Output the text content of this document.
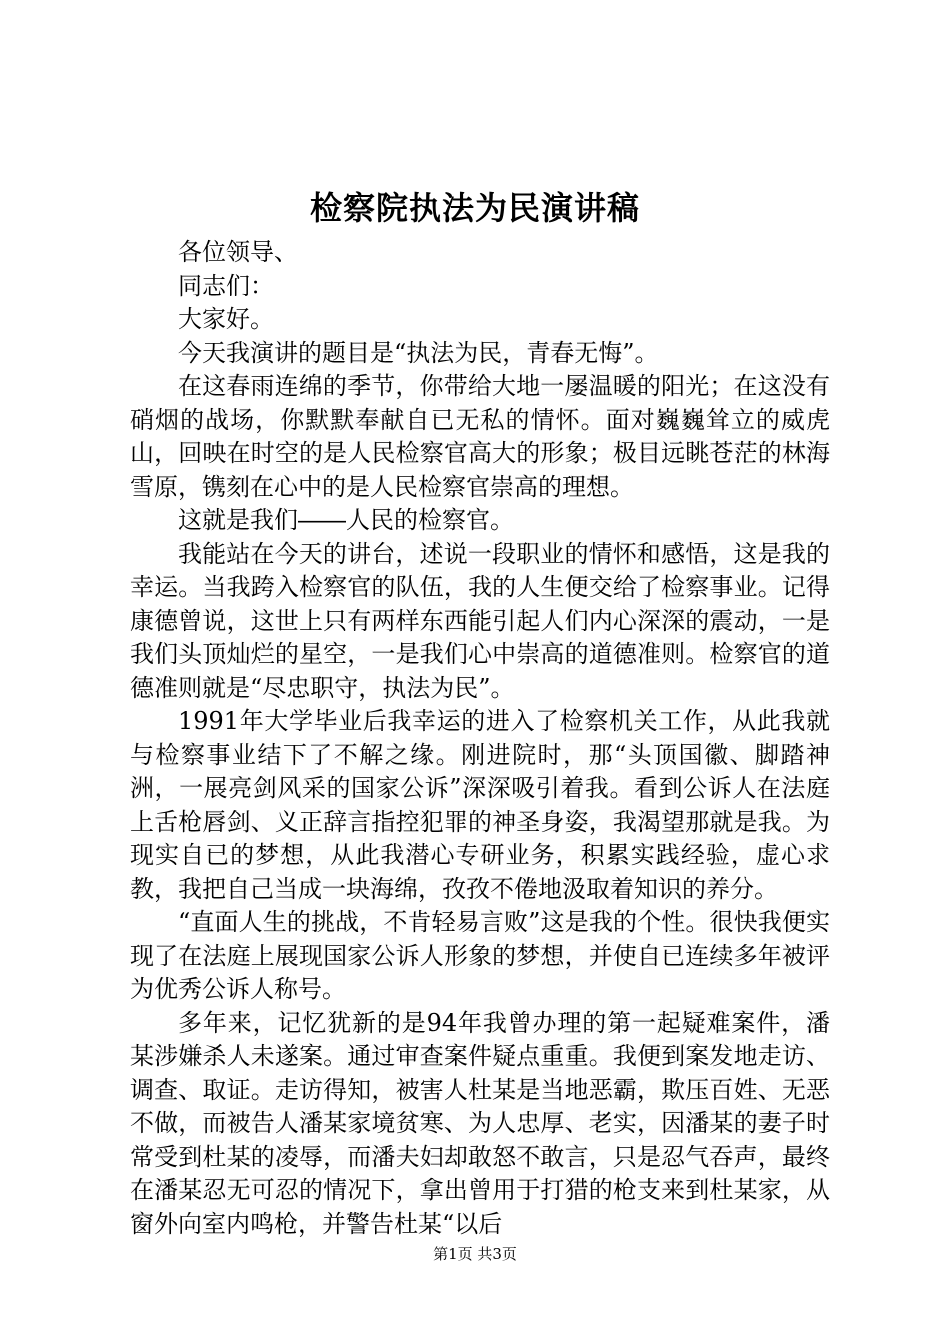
检察院执法为民演讲稿

各位领导、

同志们：

大家好。

今天我演讲的题目是“执法为民，青春无悔”。

在这春雨连绵的季节，你带给大地一屡温暖的阳光；在这没有硝烟的战场，你默默奉献自已无私的情怀。面对巍巍耸立的威虎山，回映在时空的是人民检察官高大的形象；极目远眺苍茫的林海雪原，镌刻在心中的是人民检察官崇高的理想。

这就是我们――人民的检察官。

我能站在今天的讲台，述说一段职业的情怀和感悟，这是我的幸运。当我跨入检察官的队伍，我的人生便交给了检察事业。记得康德曾说，这世上只有两样东西能引起人们内心深深的震动，一是我们头顶灿烂的星空，一是我们心中崇高的道德准则。检察官的道德准则就是“尽忠职守，执法为民”。

1991年大学毕业后我幸运的进入了检察机关工作，从此我就与检察事业结下了不解之缘。刚进院时，那“头顶国徽、脚踏神洲，一展亮剑风采的国家公诉”深深吸引着我。看到公诉人在法庭上舌枪唇剑、义正辞言指控犯罪的神圣身姿，我渴望那就是我。为现实自已的梦想，从此我潜心专研业务，积累实践经验，虚心求教，我把自己当成一块海绵，孜孜不倦地汲取着知识的养分。

“直面人生的挑战，不肯轻易言败”这是我的个性。很快我便实现了在法庭上展现国家公诉人形象的梦想，并使自已连续多年被评为优秀公诉人称号。

多年来，记忆犹新的是94年我曾办理的第一起疑难案件，潘某涉嫌杀人未遂案。通过审查案件疑点重重。我便到案发地走访、调查、取证。走访得知，被害人杜某是当地恶霸，欺压百姓、无恶不做，而被告人潘某家境贫寒、为人忠厚、老实，因潘某的妻子时常受到杜某的凌辱，而潘夫妇却敢怒不敢言，只是忍气吞声，最终在潘某忍无可忍的情况下，拿出曾用于打猎的枪支来到杜某家，从窗外向室内鸣枪，并警告杜某“以后

第1页 共3页
